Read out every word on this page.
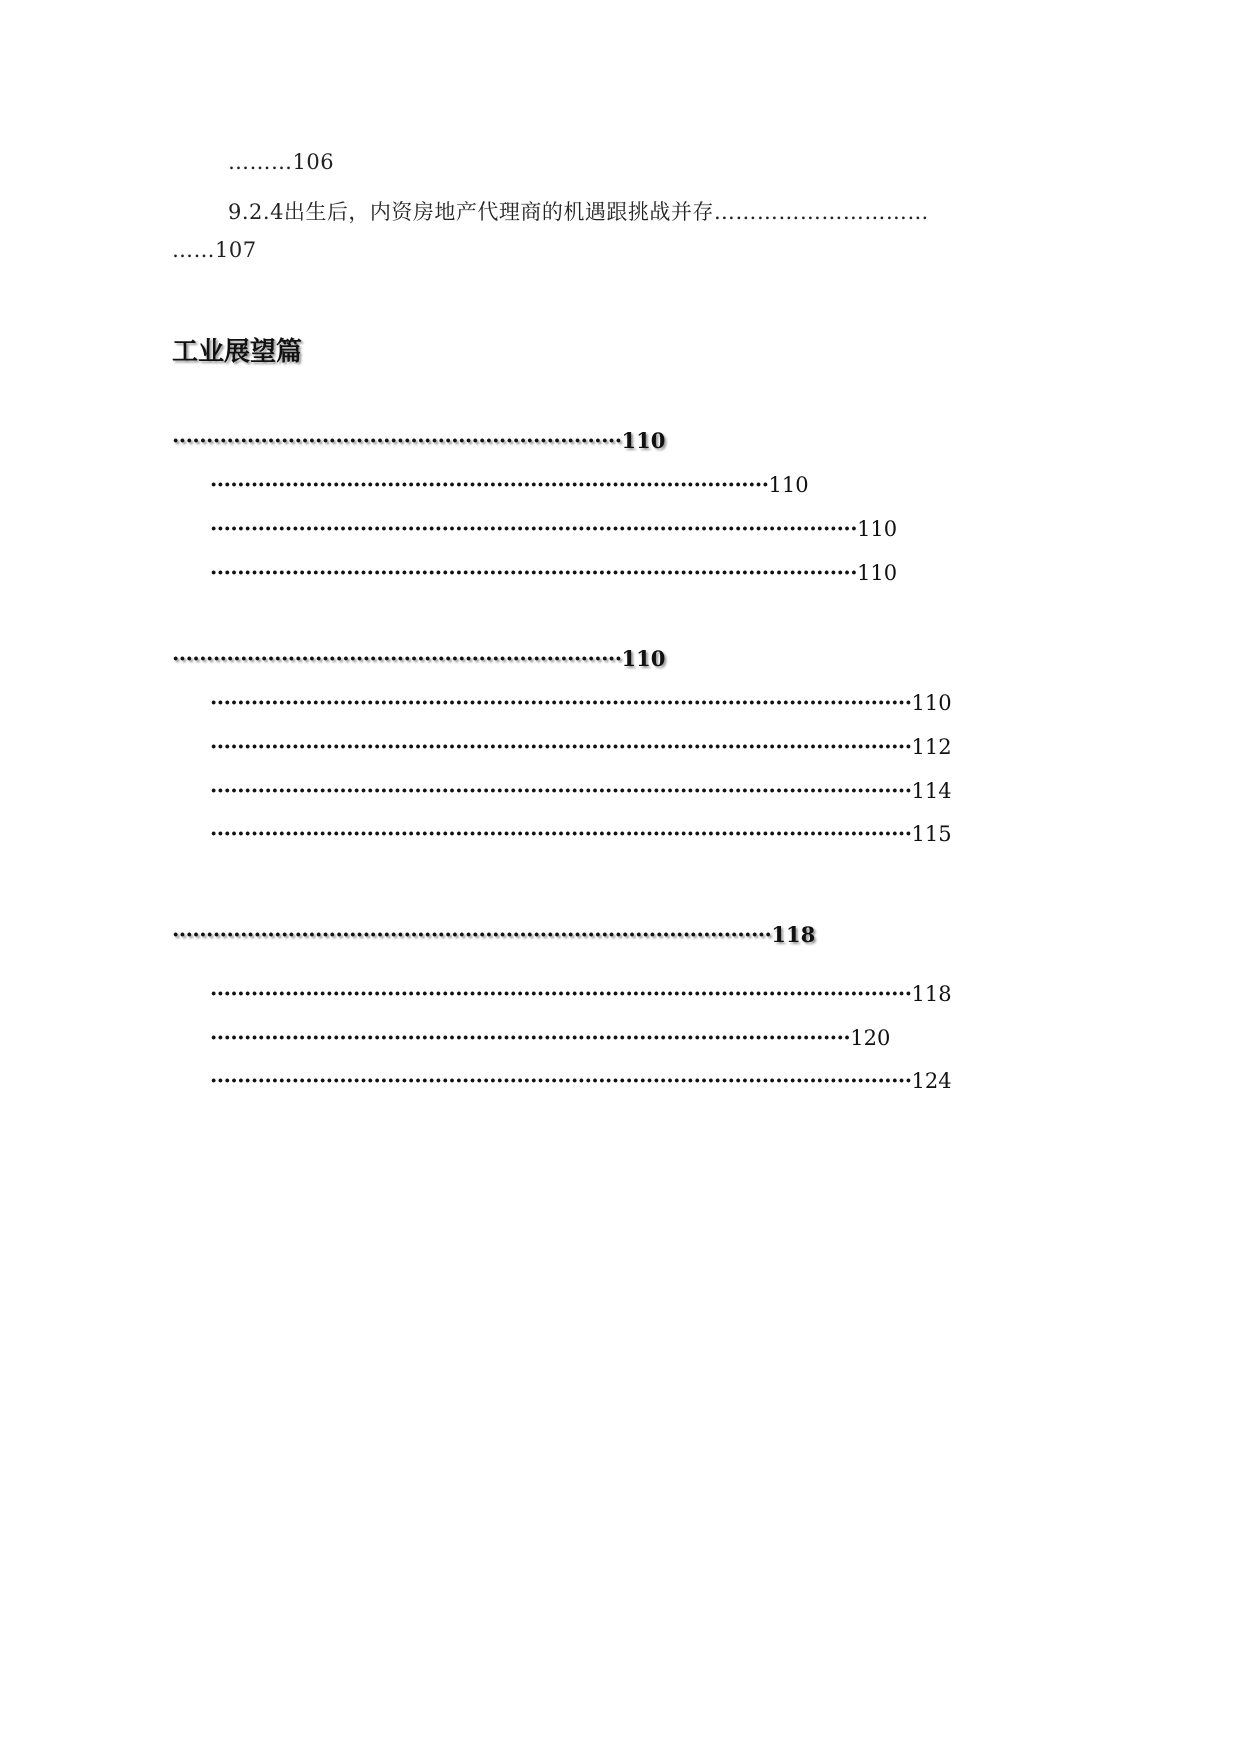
………106
9.2.4出生后，内资房地产代理商的机遇跟挑战并存…………………………
……107
工业展望篇
··································································110
··················································································110
·······························································································110
·······························································································110
··································································110
·······································································································110
·······································································································112
·······································································································114
·······································································································115
························································································118
·······································································································118
······························································································120
·······································································································124
